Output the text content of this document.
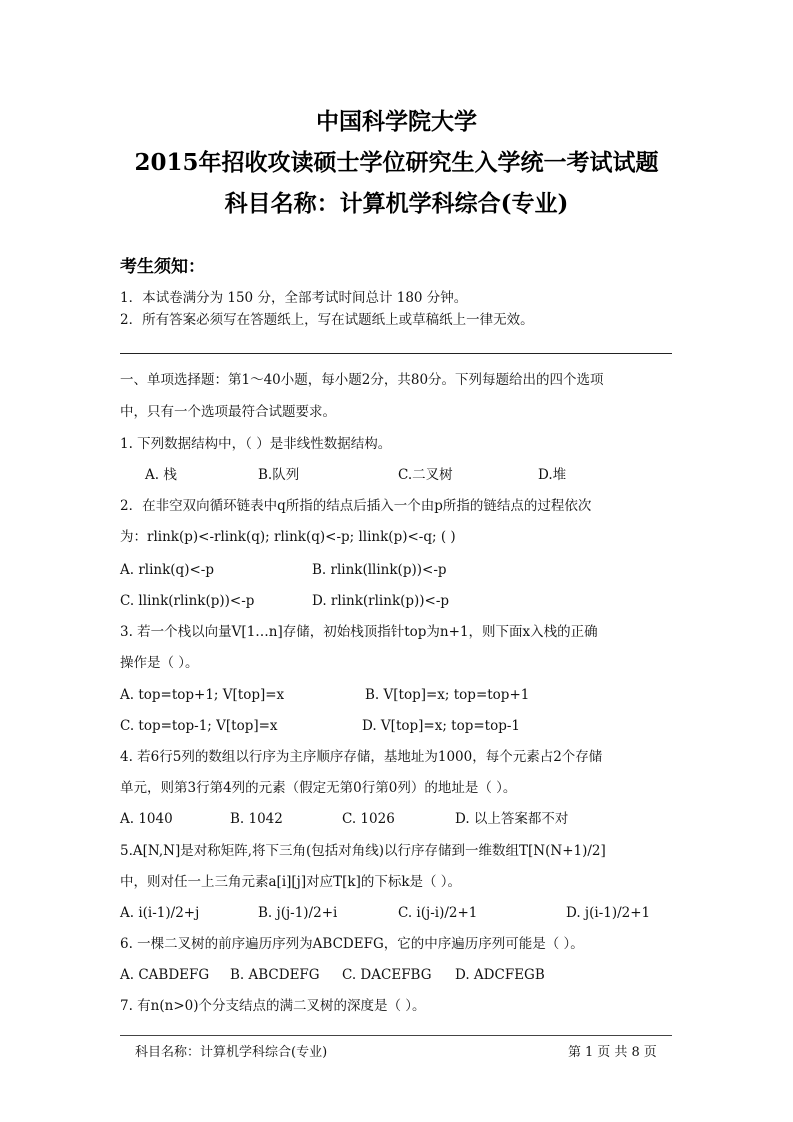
中国科学院大学
2015年招收攻读硕士学位研究生入学统一考试试题
科目名称：计算机学科综合(专业)
考生须知：
1．本试卷满分为 150 分，全部考试时间总计 180 分钟。
2．所有答案必须写在答题纸上，写在试题纸上或草稿纸上一律无效。
一、单项选择题：第1～40小题，每小题2分，共80分。下列每题给出的四个选项
中，只有一个选项最符合试题要求。
1. 下列数据结构中，（ ）是非线性数据结构。
A. 栈	B.队列	C.二叉树	D.堆
2．在非空双向循环链表中q所指的结点后插入一个由p所指的链结点的过程依次
为：rlink(p)<-rlink(q); rlink(q)<-p; llink(p)<-q; ( )
A. rlink(q)<-p	B. rlink(llink(p))<-p
C. llink(rlink(p))<-p	D. rlink(rlink(p))<-p
3. 若一个栈以向量V[1…n]存储，初始栈顶指针top为n+1，则下面x入栈的正确
操作是（ ）。
A. top=top+1; V[top]=x	B. V[top]=x; top=top+1
C. top=top-1; V[top]=x	D. V[top]=x; top=top-1
4. 若6行5列的数组以行序为主序顺序存储，基地址为1000，每个元素占2个存储
单元，则第3行第4列的元素（假定无第0行第0列）的地址是（ ）。
A. 1040	B. 1042	C. 1026	D. 以上答案都不对
5.A[N,N]是对称矩阵,将下三角(包括对角线)以行序存储到一维数组T[N(N+1)/2]
中，则对任一上三角元素a[i][j]对应T[k]的下标k是（ ）。
A. i(i-1)/2+j	B. j(j-1)/2+i	C. i(j-i)/2+1	D. j(i-1)/2+1
6. 一棵二叉树的前序遍历序列为ABCDEFG，它的中序遍历序列可能是（ ）。
A. CABDEFG B. ABCDEFG C. DACEFBG D. ADCFEGB
7. 有n(n>0)个分支结点的满二叉树的深度是（ ）。
科目名称：计算机学科综合(专业)	第 1 页 共 8 页
